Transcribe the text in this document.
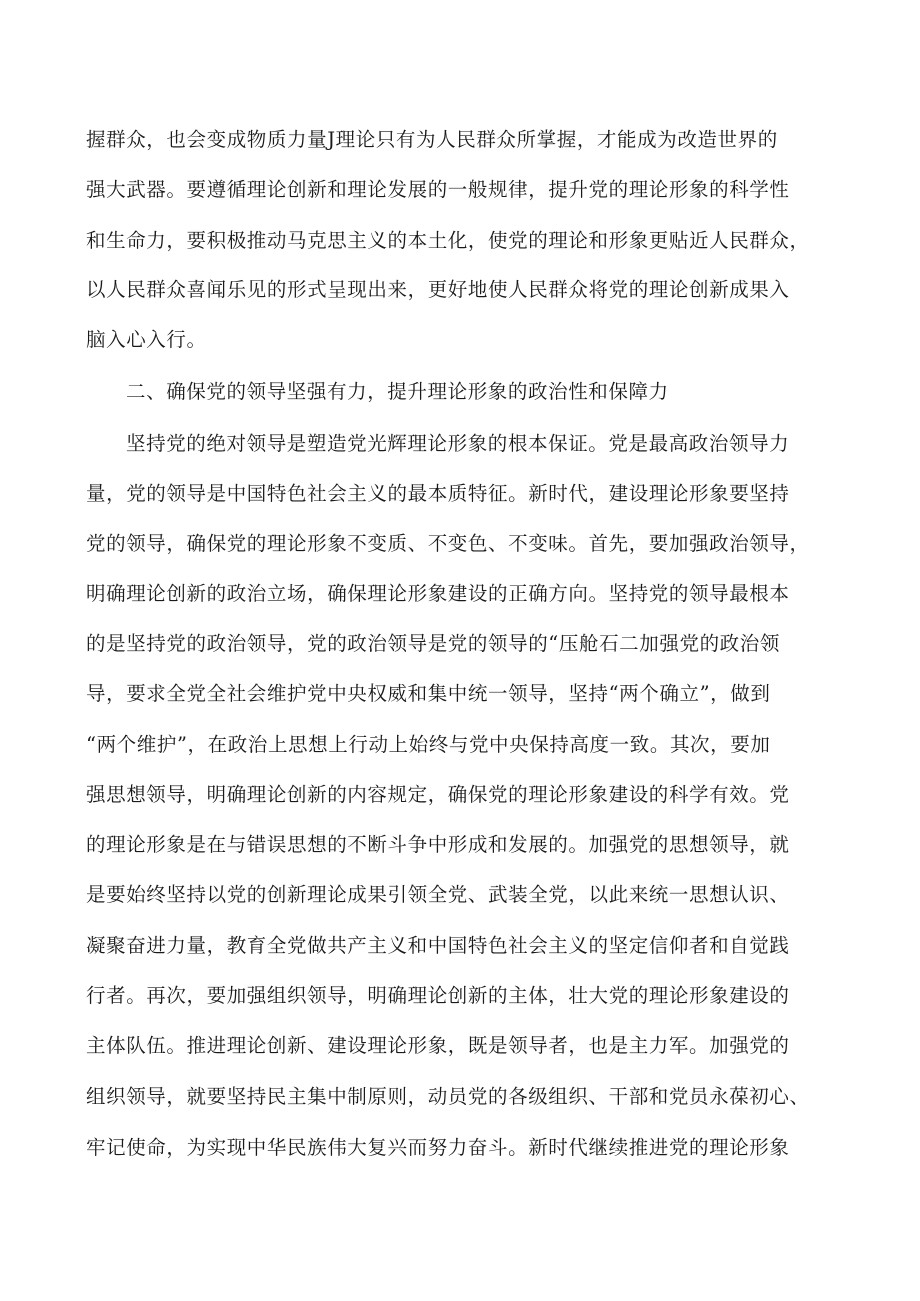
握群众，也会变成物质力量J理论只有为人民群众所掌握，才能成为改造世界的
强大武器。要遵循理论创新和理论发展的一般规律，提升党的理论形象的科学性
和生命力，要积极推动马克思主义的本土化，使党的理论和形象更贴近人民群众，
以人民群众喜闻乐见的形式呈现出来，更好地使人民群众将党的理论创新成果入
脑入心入行。
二、确保党的领导坚强有力，提升理论形象的政治性和保障力
坚持党的绝对领导是塑造党光辉理论形象的根本保证。党是最高政治领导力
量，党的领导是中国特色社会主义的最本质特征。新时代，建设理论形象要坚持
党的领导，确保党的理论形象不变质、不变色、不变味。首先，要加强政治领导，
明确理论创新的政治立场，确保理论形象建设的正确方向。坚持党的领导最根本
的是坚持党的政治领导，党的政治领导是党的领导的“压舱石二加强党的政治领
导，要求全党全社会维护党中央权威和集中统一领导，坚持“两个确立”，做到
“两个维护”，在政治上思想上行动上始终与党中央保持高度一致。其次，要加
强思想领导，明确理论创新的内容规定，确保党的理论形象建设的科学有效。党
的理论形象是在与错误思想的不断斗争中形成和发展的。加强党的思想领导，就
是要始终坚持以党的创新理论成果引领全党、武装全党，以此来统一思想认识、
凝聚奋进力量，教育全党做共产主义和中国特色社会主义的坚定信仰者和自觉践
行者。再次，要加强组织领导，明确理论创新的主体，壮大党的理论形象建设的
主体队伍。推进理论创新、建设理论形象，既是领导者，也是主力军。加强党的
组织领导，就要坚持民主集中制原则，动员党的各级组织、干部和党员永葆初心、
牢记使命，为实现中华民族伟大复兴而努力奋斗。新时代继续推进党的理论形象
